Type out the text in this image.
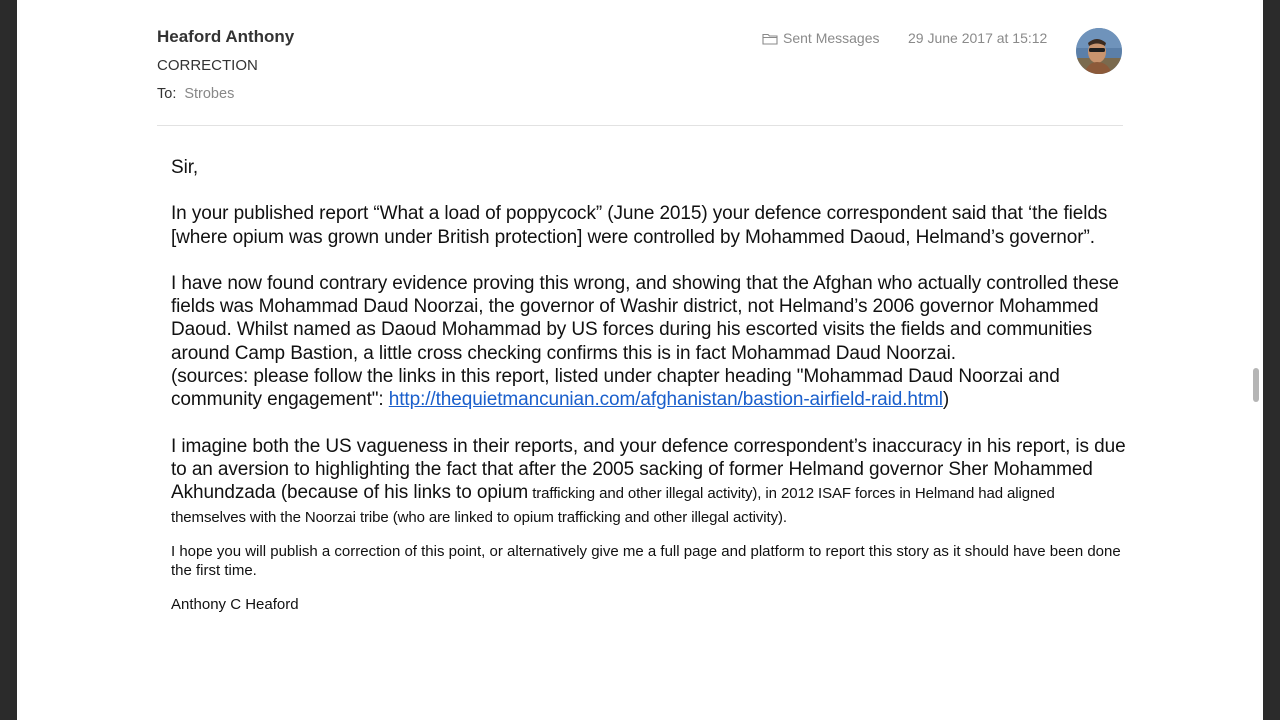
Heaford Anthony
CORRECTION
To: Strobes
Sent Messages 29 June 2017 at 15:12

Sir,

In your published report “What a load of poppycock” (June 2015) your defence correspondent said that ‘the fields [where opium was grown under British protection] were controlled by Mohammed Daoud, Helmand’s governor”.

I have now found contrary evidence proving this wrong, and showing that the Afghan who actually controlled these fields was Mohammad Daud Noorzai, the governor of Washir district, not Helmand’s 2006 governor Mohammed Daoud. Whilst named as Daoud Mohammad by US forces during his escorted visits the fields and communities around Camp Bastion, a little cross checking confirms this is in fact Mohammad Daud Noorzai.
(sources: please follow the links in this report, listed under chapter heading "Mohammad Daud Noorzai and community engagement": http://thequietmancunian.com/afghanistan/bastion-airfield-raid.html)

I imagine both the US vagueness in their reports, and your defence correspondent’s inaccuracy in his report, is due to an aversion to highlighting the fact that after the 2005 sacking of former Helmand governor Sher Mohammed Akhundzada (because of his links to opium trafficking and other illegal activity), in 2012 ISAF forces in Helmand had aligned themselves with the Noorzai tribe (who are linked to opium trafficking and other illegal activity).

I hope you will publish a correction of this point, or alternatively give me a full page and platform to report this story as it should have been done the first time.

Anthony C Heaford
